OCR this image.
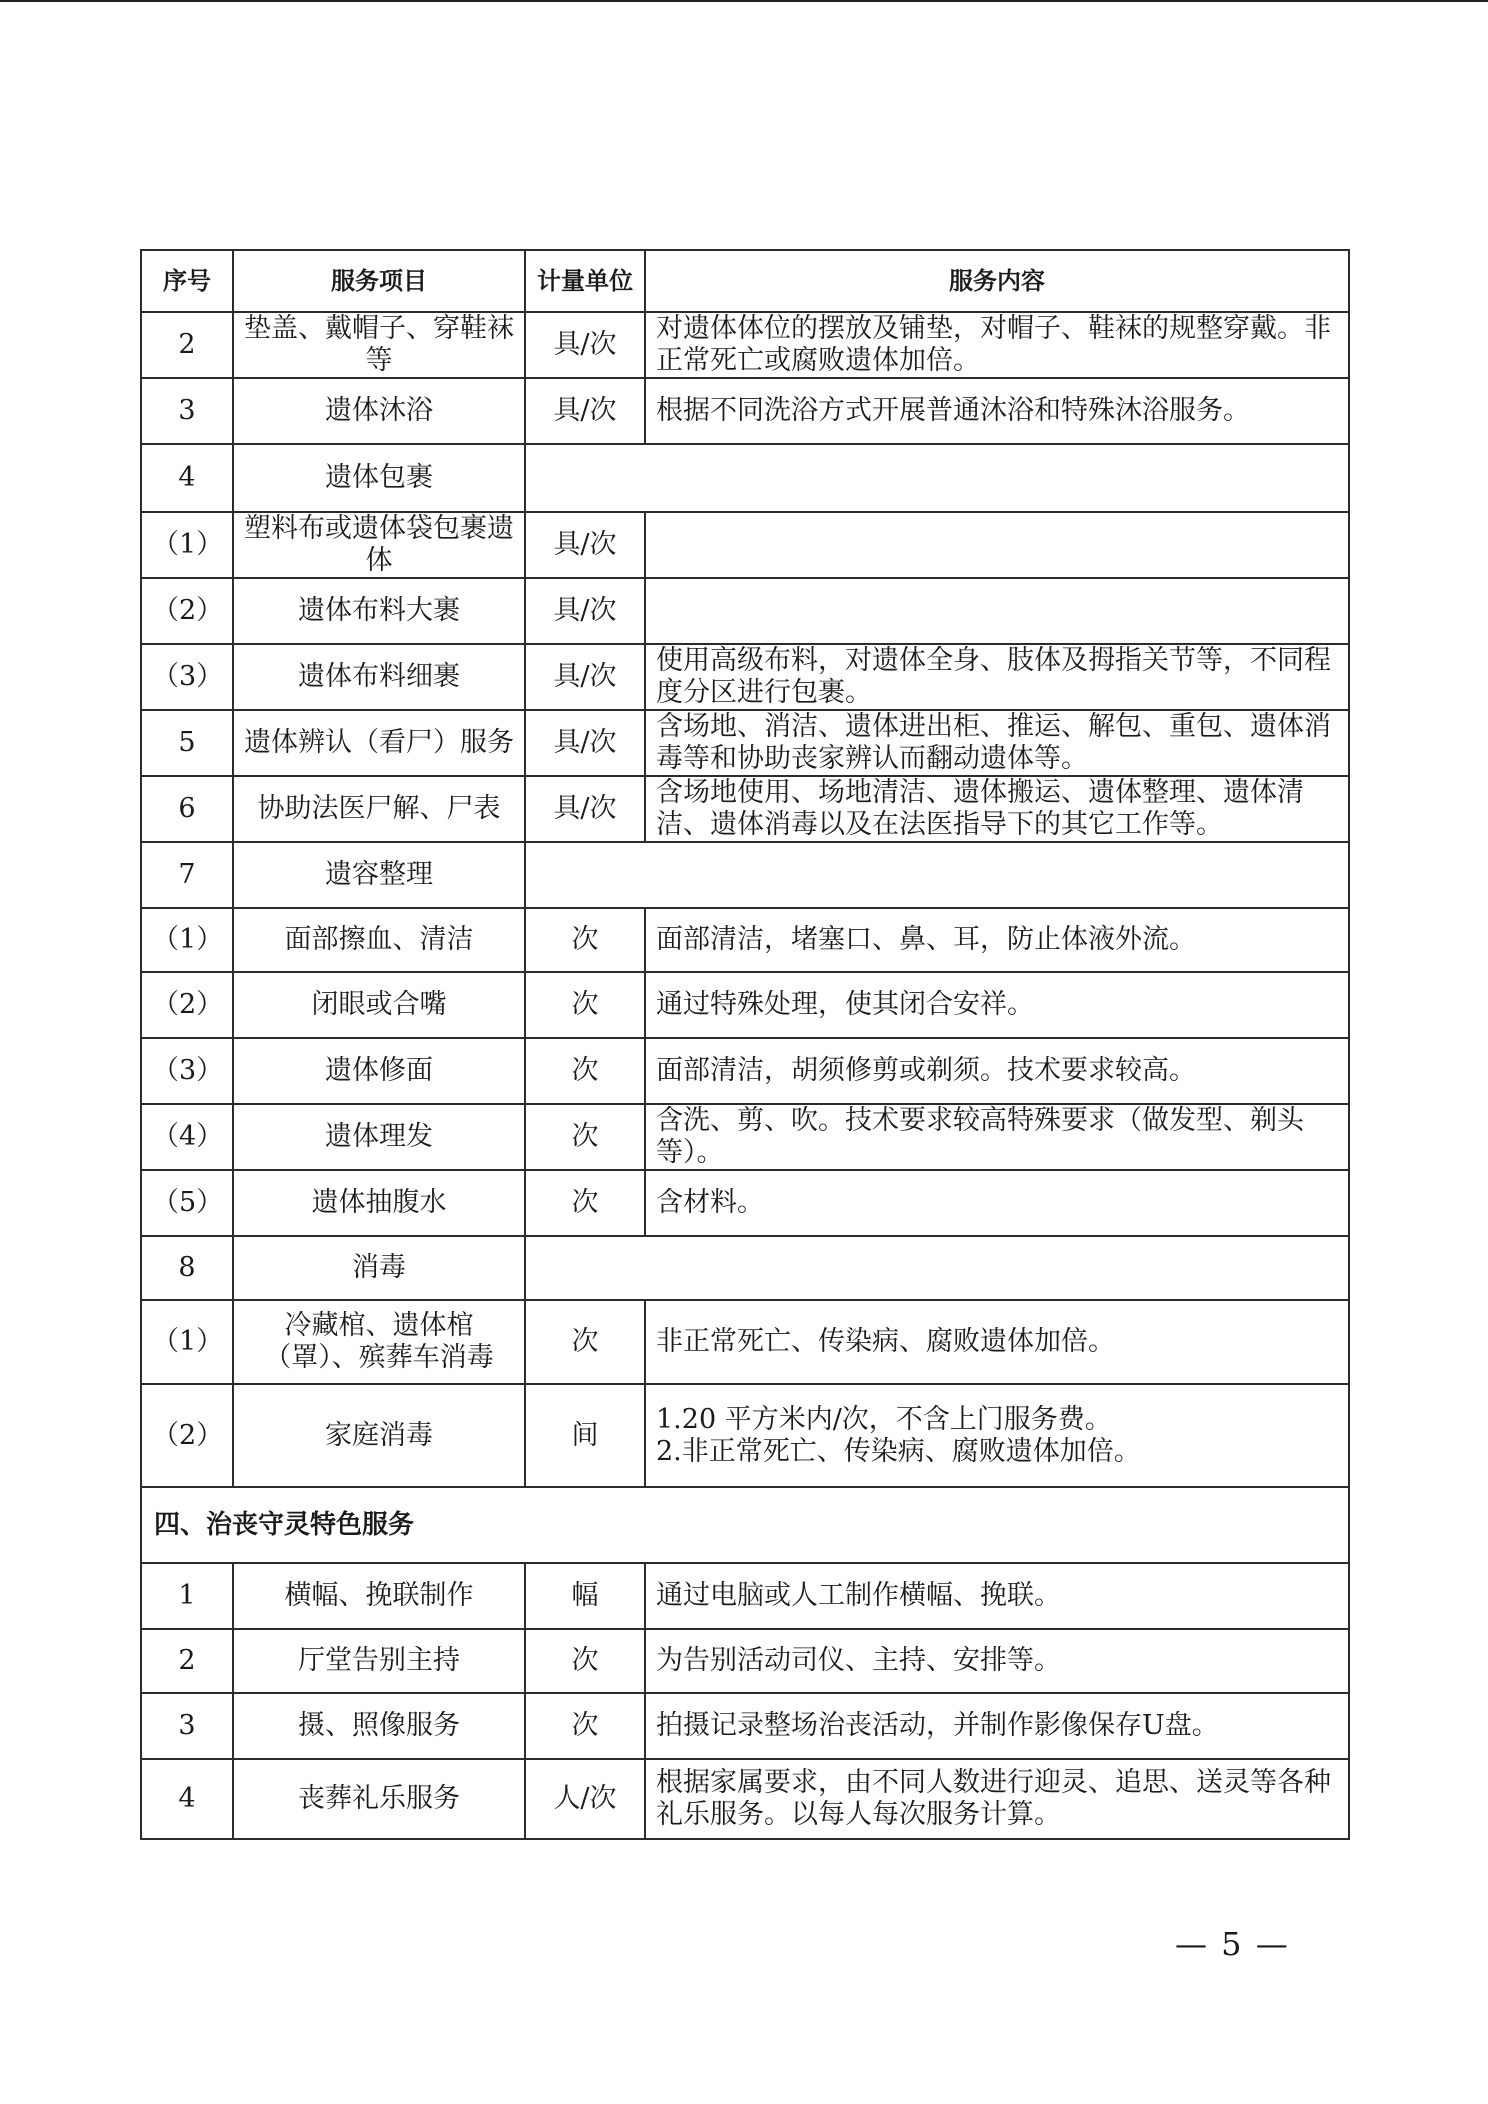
序号	服务项目	计量单位	服务内容
2	垫盖、戴帽子、穿鞋袜等	具/次	对遗体体位的摆放及铺垫，对帽子、鞋袜的规整穿戴。非正常死亡或腐败遗体加倍。
3	遗体沐浴	具/次	根据不同洗浴方式开展普通沐浴和特殊沐浴服务。
4	遗体包裹		
（1）	塑料布或遗体袋包裹遗体	具/次	
（2）	遗体布料大裹	具/次	
（3）	遗体布料细裹	具/次	使用高级布料，对遗体全身、肢体及拇指关节等，不同程度分区进行包裹。
5	遗体辨认（看尸）服务	具/次	含场地、消洁、遗体进出柜、推运、解包、重包、遗体消毒等和协助丧家辨认而翻动遗体等。
6	协助法医尸解、尸表	具/次	含场地使用、场地清洁、遗体搬运、遗体整理、遗体清洁、遗体消毒以及在法医指导下的其它工作等。
7	遗容整理		
（1）	面部擦血、清洁	次	面部清洁，堵塞口、鼻、耳，防止体液外流。
（2）	闭眼或合嘴	次	通过特殊处理，使其闭合安祥。
（3）	遗体修面	次	面部清洁，胡须修剪或剃须。技术要求较高。
（4）	遗体理发	次	含洗、剪、吹。技术要求较高特殊要求（做发型、剃头等）。
（5）	遗体抽腹水	次	含材料。
8	消毒		
（1）	冷藏棺、遗体棺（罩）、殡葬车消毒	次	非正常死亡、传染病、腐败遗体加倍。
（2）	家庭消毒	间	1.20 平方米内/次，不含上门服务费。
2.非正常死亡、传染病、腐败遗体加倍。

四、治丧守灵特色服务			
1	横幅、挽联制作	幅	通过电脑或人工制作横幅、挽联。
2	厅堂告别主持	次	为告别活动司仪、主持、安排等。
3	摄、照像服务	次	拍摄记录整场治丧活动，并制作影像保存U盘。
4	丧葬礼乐服务	人/次	根据家属要求，由不同人数进行迎灵、追思、送灵等各种礼乐服务。以每人每次服务计算。
— 5 —
